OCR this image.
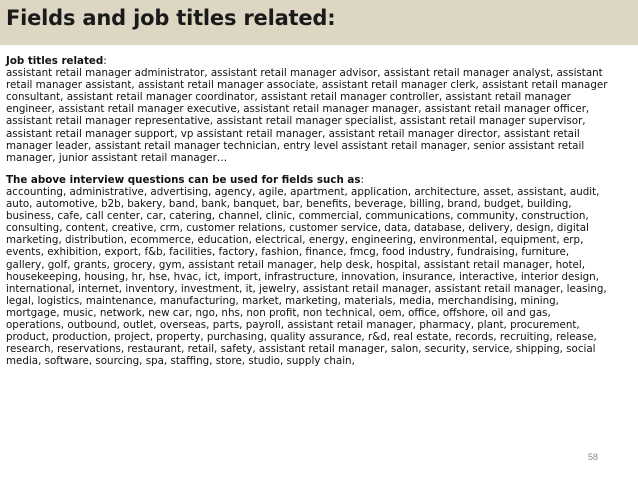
Fields and job titles related:
Job titles related:
assistant retail manager administrator, assistant retail manager advisor, assistant retail manager analyst, assistant
retail manager assistant, assistant retail manager associate, assistant retail manager clerk, assistant retail manager
consultant, assistant retail manager coordinator, assistant retail manager controller, assistant retail manager
engineer, assistant retail manager executive, assistant retail manager manager, assistant retail manager officer,
assistant retail manager representative, assistant retail manager specialist, assistant retail manager supervisor,
assistant retail manager support, vp assistant retail manager, assistant retail manager director, assistant retail
manager leader, assistant retail manager technician, entry level assistant retail manager, senior assistant retail
manager, junior assistant retail manager…
The above interview questions can be used for fields such as:
accounting, administrative, advertising, agency, agile, apartment, application, architecture, asset, assistant, audit,
auto, automotive, b2b, bakery, band, bank, banquet, bar, benefits, beverage, billing, brand, budget, building,
business, cafe, call center, car, catering, channel, clinic, commercial, communications, community, construction,
consulting, content, creative, crm, customer relations, customer service, data, database, delivery, design, digital
marketing, distribution, ecommerce, education, electrical, energy, engineering, environmental, equipment, erp,
events, exhibition, export, f&b, facilities, factory, fashion, finance, fmcg, food industry, fundraising, furniture,
gallery, golf, grants, grocery, gym, assistant retail manager, help desk, hospital, assistant retail manager, hotel,
housekeeping, housing, hr, hse, hvac, ict, import, infrastructure, innovation, insurance, interactive, interior design,
international, internet, inventory, investment, it, jewelry, assistant retail manager, assistant retail manager, leasing,
legal, logistics, maintenance, manufacturing, market, marketing, materials, media, merchandising, mining,
mortgage, music, network, new car, ngo, nhs, non profit, non technical, oem, office, offshore, oil and gas,
operations, outbound, outlet, overseas, parts, payroll, assistant retail manager, pharmacy, plant, procurement,
product, production, project, property, purchasing, quality assurance, r&d, real estate, records, recruiting, release,
research, reservations, restaurant, retail, safety, assistant retail manager, salon, security, service, shipping, social
media, software, sourcing, spa, staffing, store, studio, supply chain,
58
